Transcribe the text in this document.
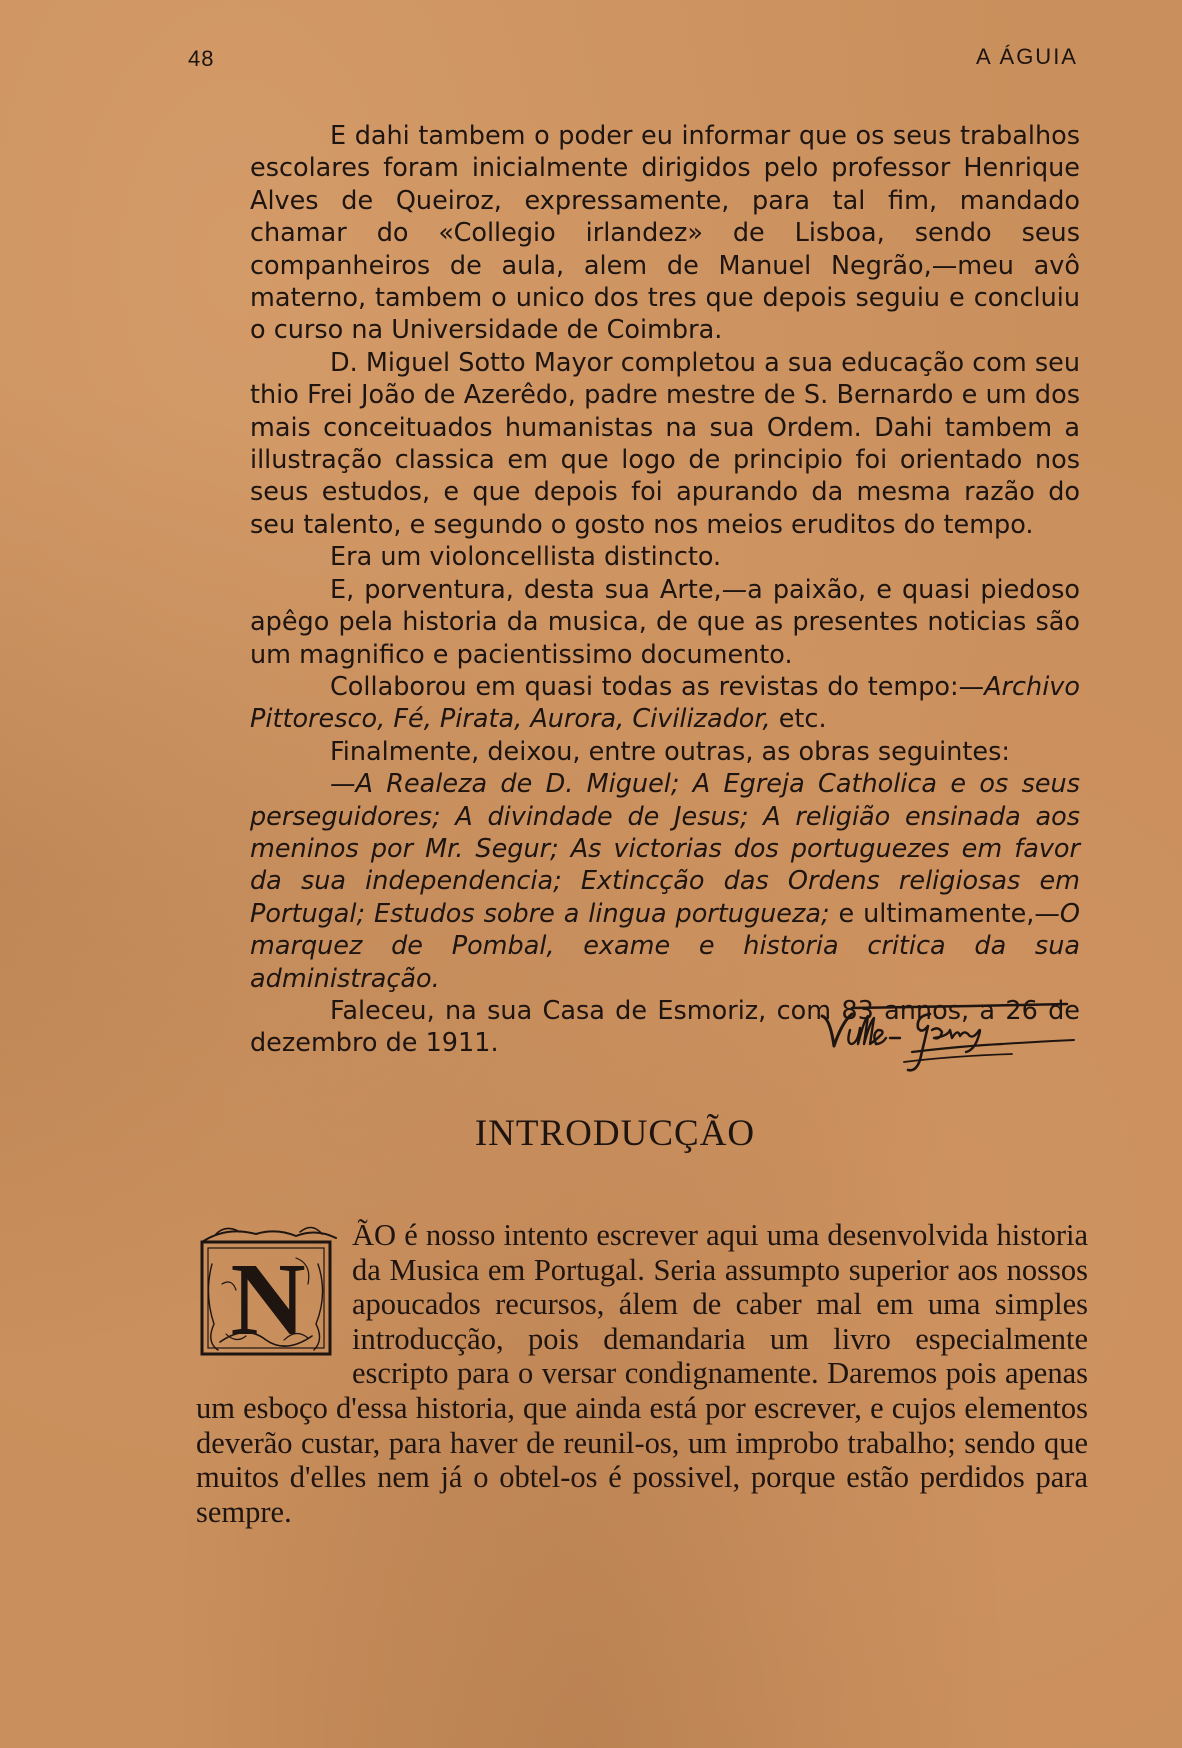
48	A ÁGUIA

E dahi tambem o poder eu informar que os seus trabalhos escolares foram inicialmente dirigidos pelo professor Henrique Alves de Queiroz, expressamente, para tal fim, mandado chamar do «Collegio irlandez» de Lisboa, sendo seus companheiros de aula, alem de Manuel Negrão,—meu avô materno, tambem o unico dos tres que depois seguiu e concluiu o curso na Universidade de Coimbra.

D. Miguel Sotto Mayor completou a sua educação com seu thio Frei João de Azerêdo, padre mestre de S. Bernardo e um dos mais conceituados humanistas na sua Ordem. Dahi tambem a illustração classica em que logo de principio foi orientado nos seus estudos, e que depois foi apurando da mesma razão do seu talento, e segundo o gosto nos meios eruditos do tempo.

Era um violoncellista distincto.

E, porventura, desta sua Arte,—a paixão, e quasi piedoso apêgo pela historia da musica, de que as presentes noticias são um magnifico e pacientissimo documento.

Collaborou em quasi todas as revistas do tempo:—Archivo Pittoresco, Fé, Pirata, Aurora, Civilizador, etc.

Finalmente, deixou, entre outras, as obras seguintes:

—A Realeza de D. Miguel; A Egreja Catholica e os seus perseguidores; A divindade de Jesus; A religião ensinada aos meninos por Mr. Segur; As victorias dos portuguezes em favor da sua independencia; Extincção das Ordens religiosas em Portugal; Estudos sobre a lingua portugueza; e ultimamente,—O marquez de Pombal, exame e historia critica da sua administração.

Faleceu, na sua Casa de Esmoriz, com 83 annos, a 26 de dezembro de 1911.

INTRODUCÇÃO
N

ÃO é nosso intento escrever aqui uma desenvolvida historia da Musica em Portugal. Seria assumpto superior aos nossos apoucados recursos, álem de caber mal em uma simples introducção, pois demandaria um livro especialmente escripto para o versar condignamente. Daremos pois apenas um esboço d'essa historia, que ainda está por escrever, e cujos elementos deverão custar, para haver de reunil-os, um improbo trabalho; sendo que muitos d'elles nem já o obtel-os é possivel, porque estão perdidos para sempre.
